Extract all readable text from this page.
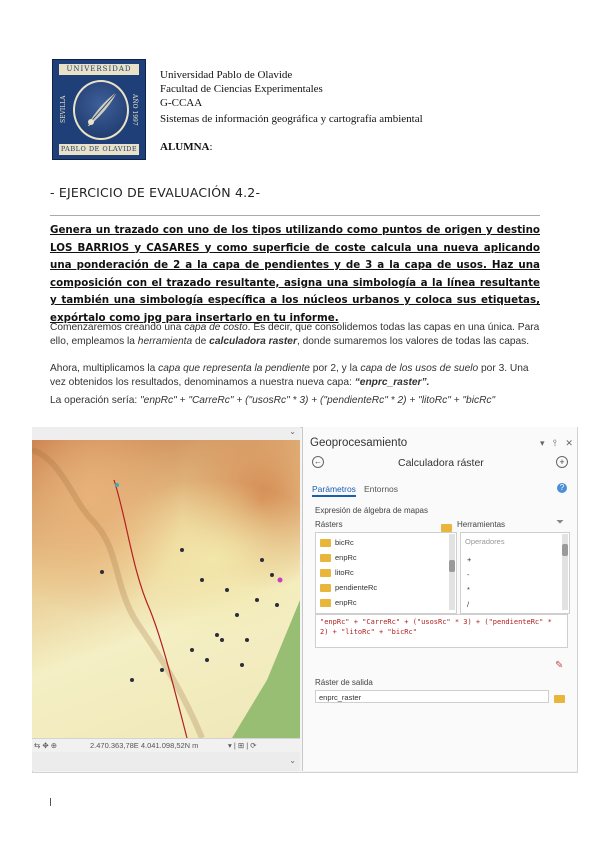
UNIVERSIDAD
SEVILLA	AÑO 1997
PABLO DE OLAVIDE
Universidad Pablo de Olavide
Facultad de Ciencias Experimentales
G-CCAA
Sistemas de información geográfica y cartografía ambiental
ALUMNA:
- EJERCICIO DE EVALUACIÓN 4.2-
Genera un trazado con uno de los tipos utilizando como puntos de origen y destino LOS BARRIOS y CASARES y como superficie de coste calcula una nueva aplicando una ponderación de 2 a la capa de pendientes y de 3 a la capa de usos. Haz una composición con el trazado resultante, asigna una simbología a la línea resultante y también una simbología específica a los núcleos urbanos y coloca sus etiquetas, expórtalo como jpg para insertarlo en tu informe.
Comenzaremos creando una capa de costo. Es decir, que consolidemos todas las capas en una única. Para ello, empleamos la herramienta de calculadora raster, donde sumaremos los valores de todas las capas.
Ahora, multiplicamos la capa que representa la pendiente por 2, y la capa de los usos de suelo por 3. Una vez obtenidos los resultados, denominamos a nuestra nueva capa: “enprc_raster”.
La operación sería: "enpRc" + "CarreRc" + ("usosRc" * 3) + ("pendienteRc" * 2) + "litoRc" + "bicRc"
⌄
⇆ ✥ ⊕	2.470.363,78E 4.041.098,52N m	▾ | ⊞ | ⟳
⌄
Geoprocesamiento	▾ ⫯ ✕
←	Calculadora ráster	+
Parámetros Entornos	?
Expresión de álgebra de mapas
Rásters	Herramientas	⏷
bicRc
enpRc
litoRc
pendienteRc
enpRc
Operadores
+
-
*
/
"enpRc" + "CarreRc" + ("usosRc" * 3) + ("pendienteRc" *
2) + "litoRc" + "bicRc"
✎
Ráster de salida
enprc_raster
